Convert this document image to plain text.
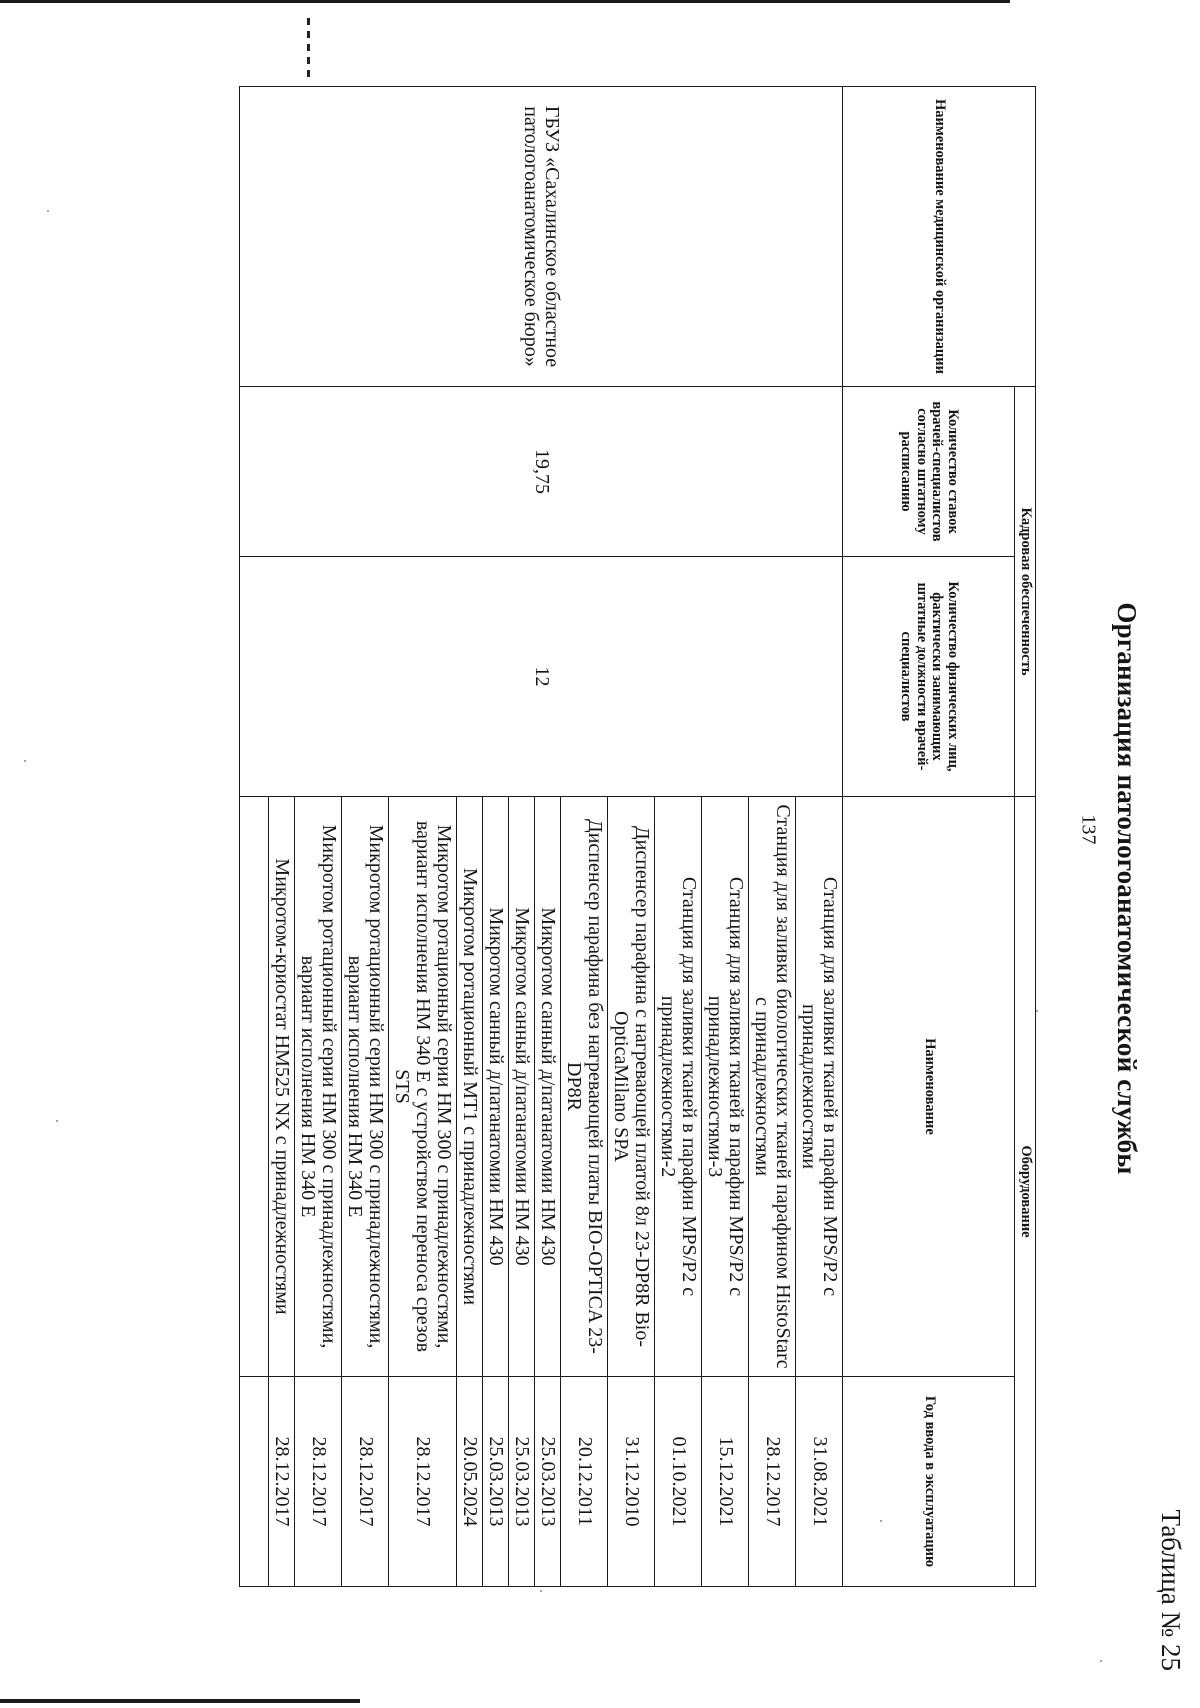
137
Таблица № 25
Организация патологоанатомической службы
Наименование медицинской организации	Кадровая обеспеченность		Оборудование	
	Количество ставок врачей-специалистов согласно штатному расписанию	Количество физических лиц, фактически занимающих штатные должности врачей-специалистов	Наименование	Год ввода в эксплуатацию
ГБУЗ «Сахалинское областное патологоанатомическое бюро»	19,75	12	Станция для заливки тканей в парафин MPS/P2 с принадлежностями	31.08.2021
			Станция для заливки биологических тканей парафином HistoStarc с принадлежностями	28.12.2017
			Станция для заливки тканей в парафин MPS/P2 с принадлежностями-3	15.12.2021
			Станция для заливки тканей в парафин MPS/P2 с принадлежностями-2	01.10.2021
			Диспенсер парафина с нагревающей платой 8л 23-DP8R Bio-OpticaMilano SPA	31.12.2010
			Диспенсер парафина без нагревающей платы BIO-OPTICA 23-DP8R	20.12.2011
			Микротом санный д/патанатомии НМ 430	25.03.2013
			Микротом санный д/патанатомии НМ 430	25.03.2013
			Микротом санный д/патанатомии НМ 430	25.03.2013
			Микротом ротационный МТ1 с принадлежностями	20.05.2024
			Микротом ротационный серии НМ 300 с принадлежностями, вариант исполнения НМ 340 Е с устройством переноса срезов STS	28.12.2017
			Микротом ротационный серии НМ 300 с принадлежностями, вариант исполнения НМ 340 Е	28.12.2017
			Микротом ротационный серии НМ 300 с принадлежностями, вариант исполнения НМ 340 Е	28.12.2017
			Микротом-криостат НМ525 NX с принадлежностями	28.12.2017
